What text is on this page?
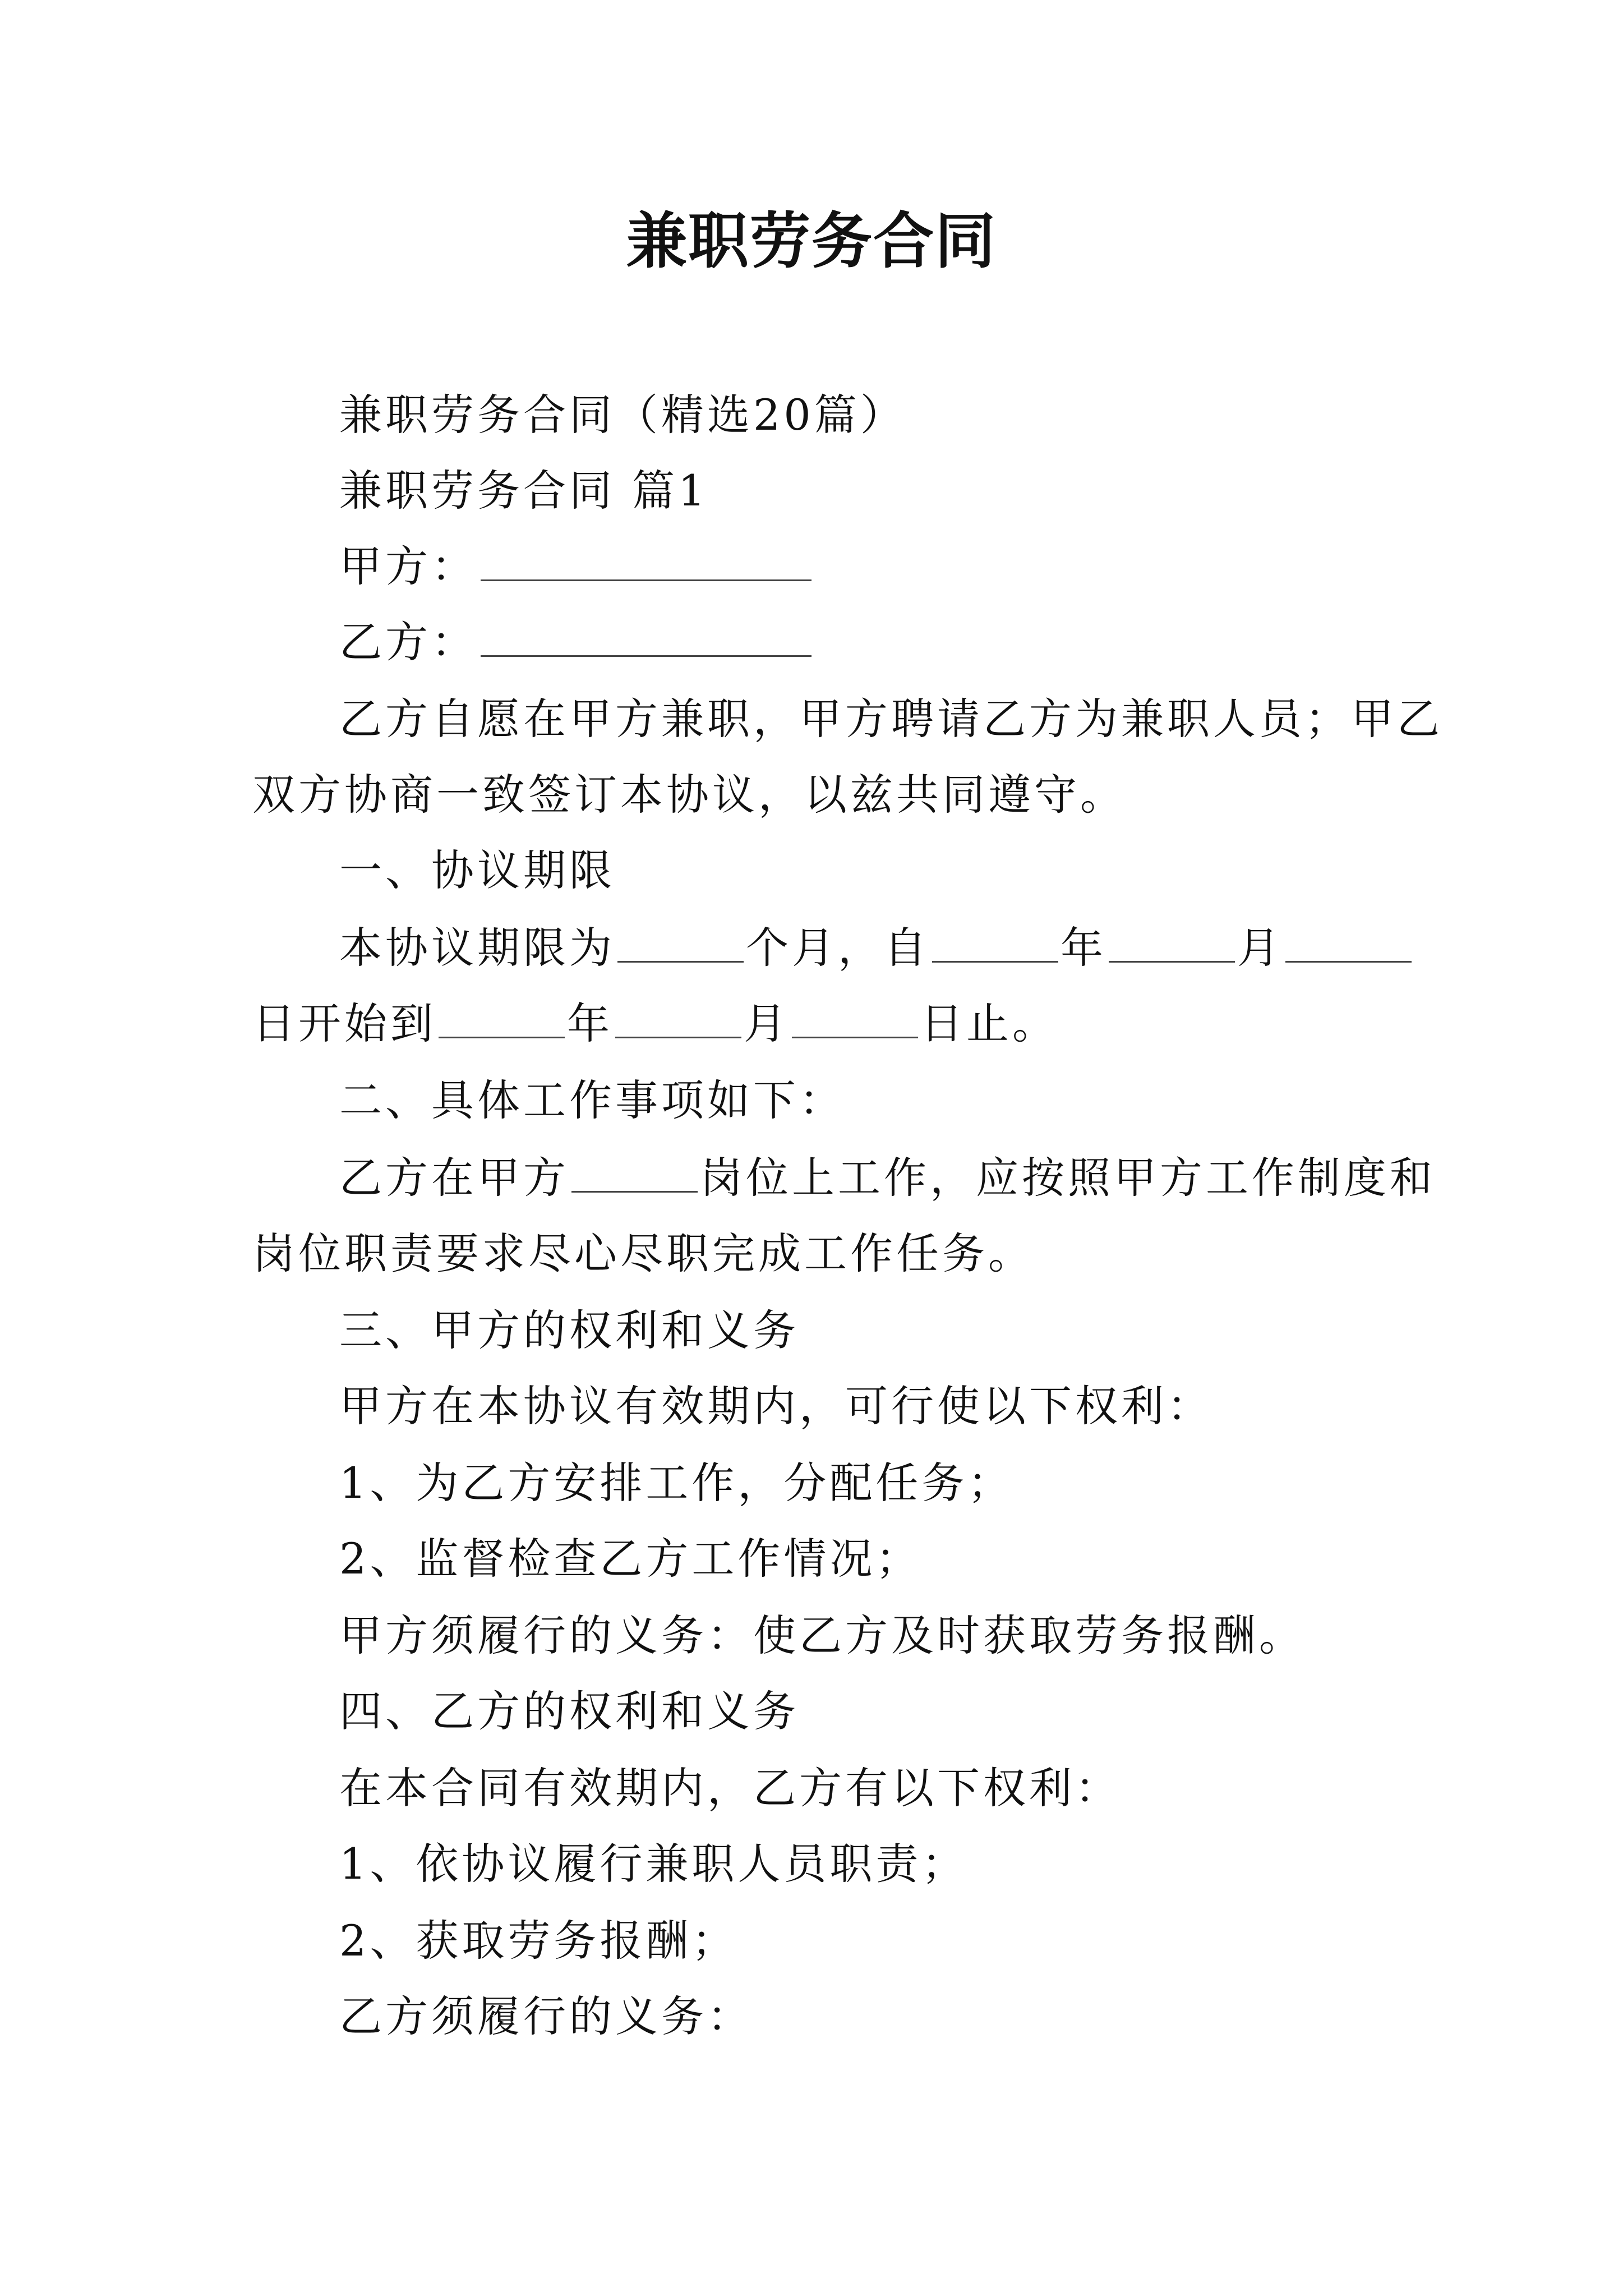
兼职劳务合同
兼职劳务合同（精选20篇）
兼职劳务合同 篇1
甲方：
乙方：
乙方自愿在甲方兼职，甲方聘请乙方为兼职人员；甲乙
双方协商一致签订本协议，以兹共同遵守。
一、协议期限
本协议期限为	个月，自	年	月
日开始到	年	月	日止。
二、具体工作事项如下：
乙方在甲方	岗位上工作，应按照甲方工作制度和
岗位职责要求尽心尽职完成工作任务。
三、甲方的权利和义务
甲方在本协议有效期内，可行使以下权利：
1、为乙方安排工作，分配任务；
2、监督检查乙方工作情况；
甲方须履行的义务：使乙方及时获取劳务报酬。
四、乙方的权利和义务
在本合同有效期内，乙方有以下权利：
1、依协议履行兼职人员职责；
2、获取劳务报酬；
乙方须履行的义务：
